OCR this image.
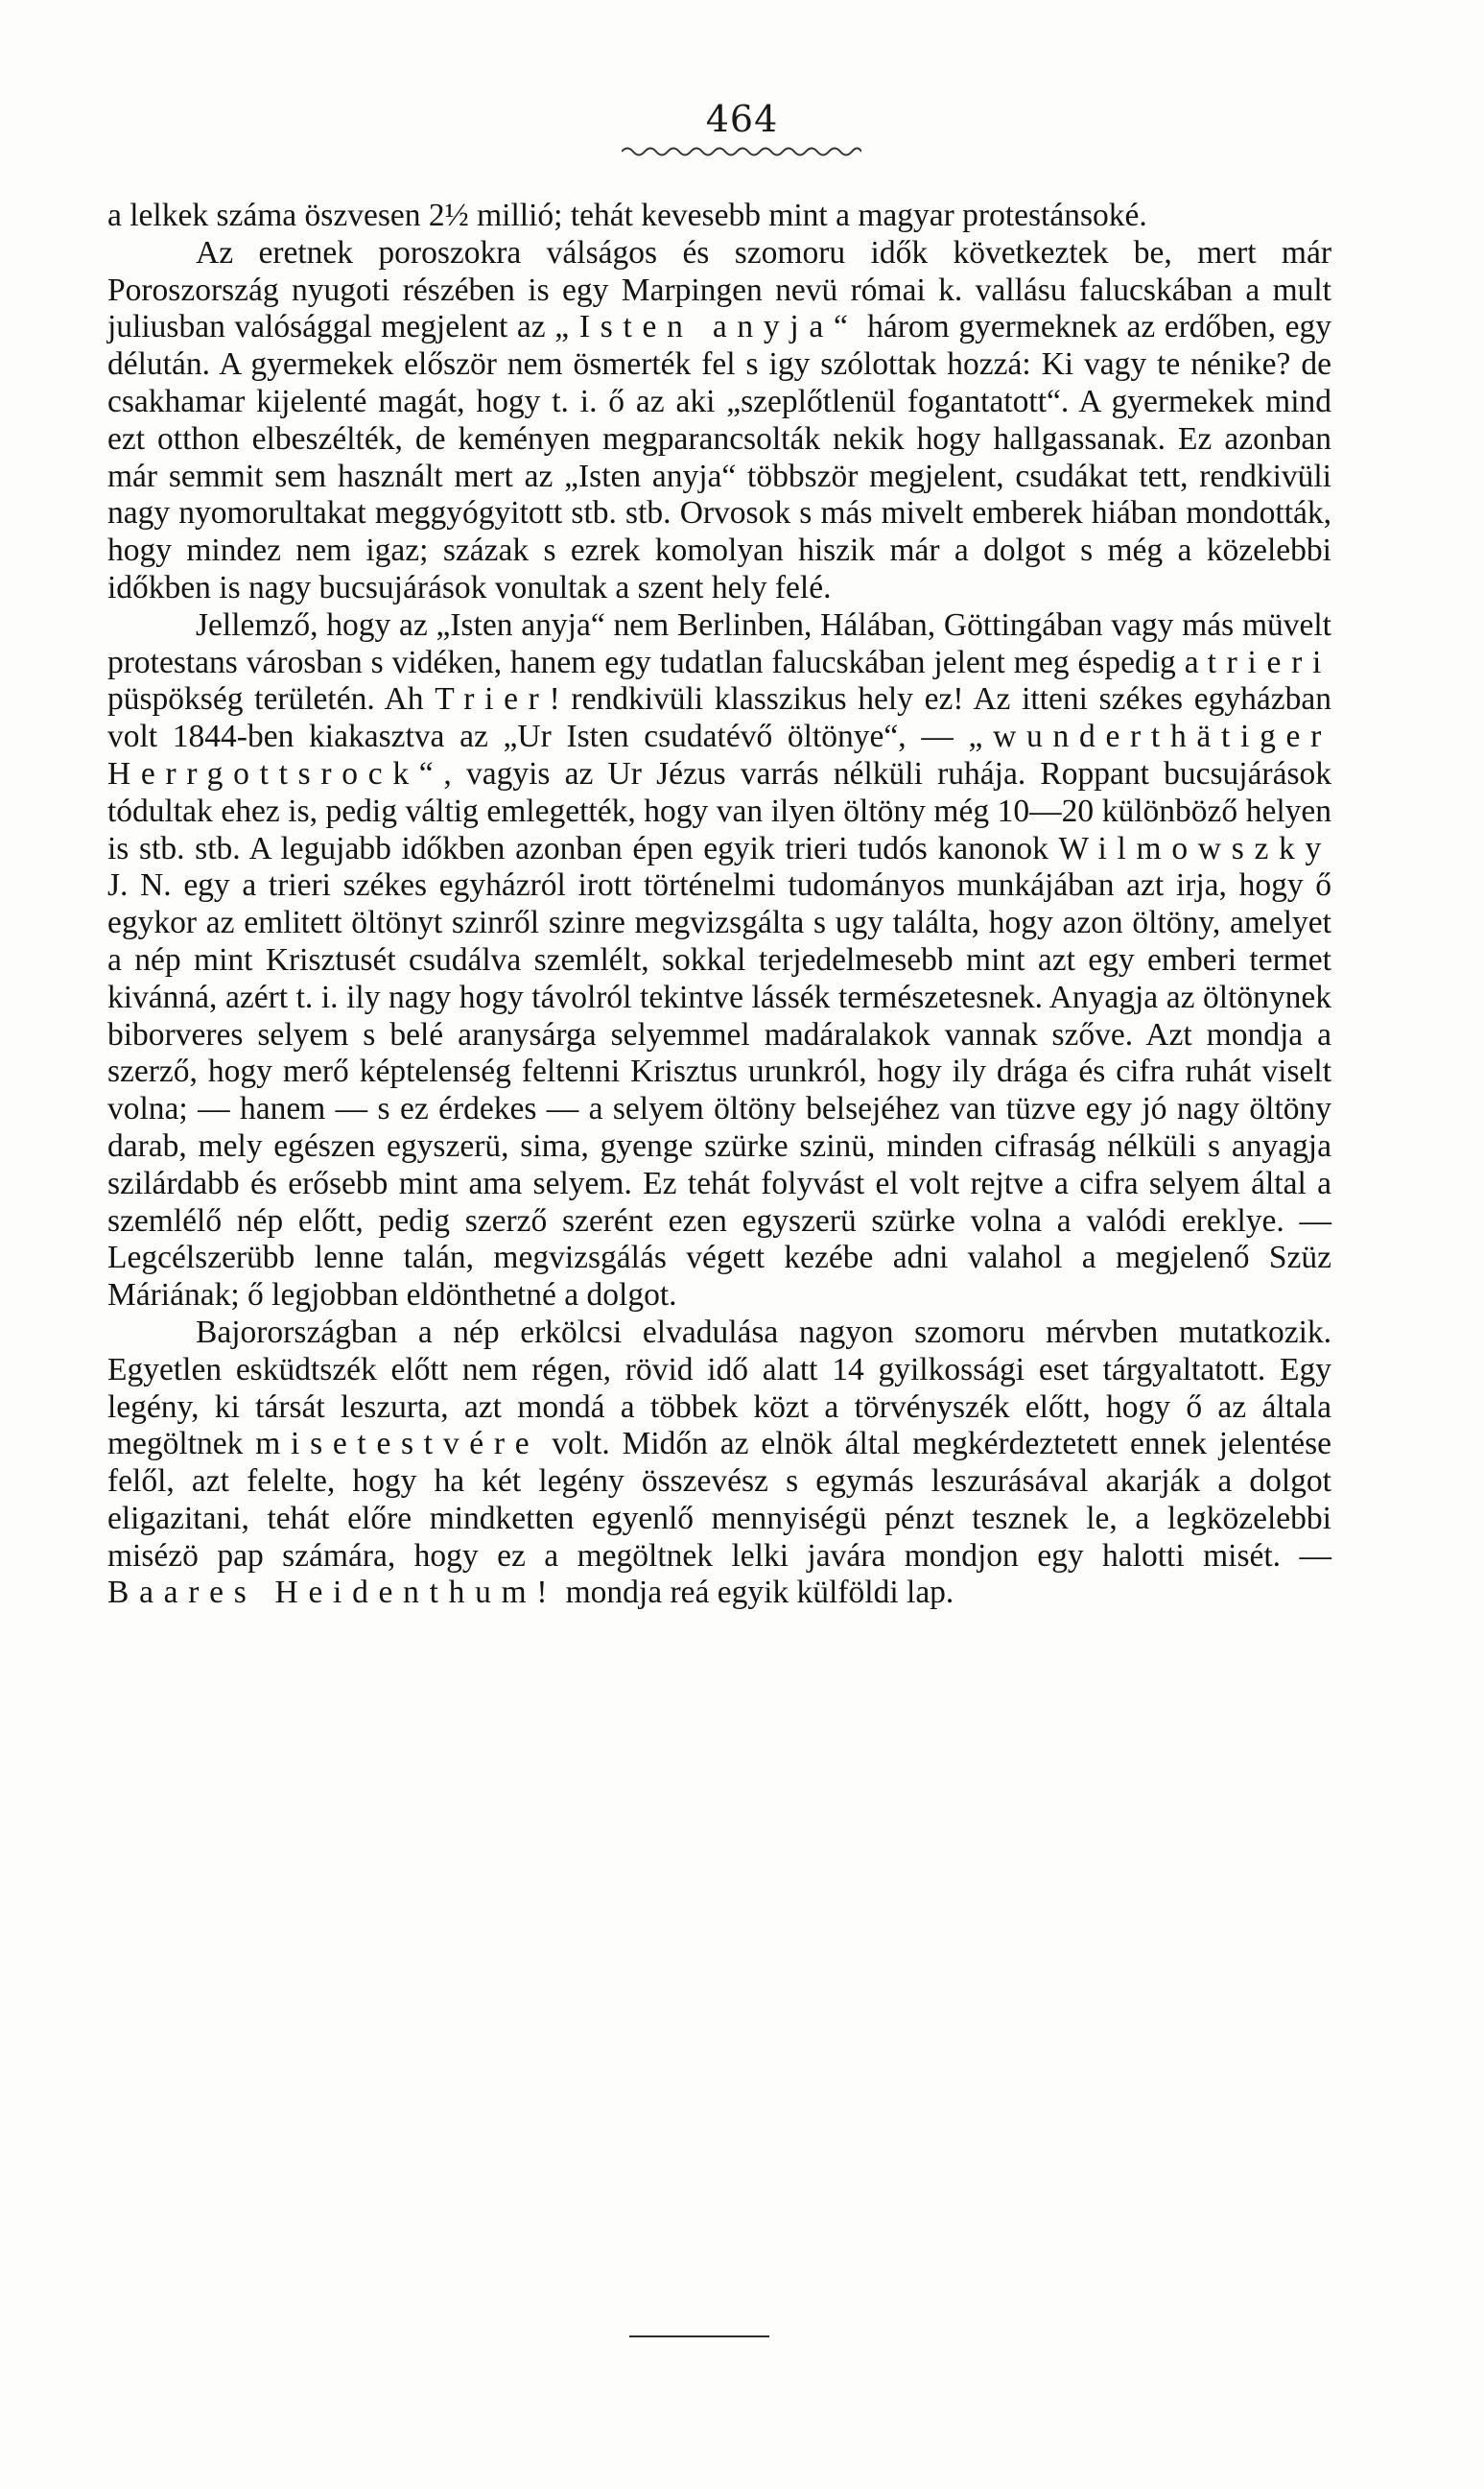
464

a lelkek száma öszvesen 2½ millió; tehát kevesebb mint a magyar protestánsoké.

Az eretnek poroszokra válságos és szomoru idők következtek be, mert már Poroszország nyugoti részében is egy Marpingen nevü római k. vallásu falucskában a mult juliusban valósággal megjelent az „Isten anyja“ három gyermeknek az erdőben, egy délután. A gyermekek először nem ösmerték fel s igy szólottak hozzá: Ki vagy te nénike? de csakhamar kijelenté magát, hogy t. i. ő az aki „szeplőtlenül fogantatott“. A gyermekek mind ezt otthon elbeszélték, de keményen megparancsolták nekik hogy hallgassanak. Ez azonban már semmit sem használt mert az „Isten anyja“ többször megjelent, csudákat tett, rendkivüli nagy nyomorultakat meggyógyitott stb. stb. Orvosok s más mivelt emberek hiában mondották, hogy mindez nem igaz; százak s ezrek komolyan hiszik már a dolgot s még a közelebbi időkben is nagy bucsujárások vonultak a szent hely felé.

Jellemző, hogy az „Isten anyja“ nem Berlinben, Hálában, Göttingában vagy más müvelt protestans városban s vidéken, hanem egy tudatlan falucskában jelent meg éspedig a trieri püspökség területén. Ah Trier! rendkivüli klasszikus hely ez! Az itteni székes egyházban volt 1844-ben kiakasztva az „Ur Isten csudatévő öltönye“, — „wunderthätiger Herrgottsrock“, vagyis az Ur Jézus varrás nélküli ruhája. Roppant bucsujárások tódultak ehez is, pedig váltig emlegették, hogy van ilyen öltöny még 10—20 különböző helyen is stb. stb. A legujabb időkben azonban épen egyik trieri tudós kanonok Wilmowszky J. N. egy a trieri székes egyházról irott történelmi tudományos munkájában azt irja, hogy ő egykor az emlitett öltönyt szinről szinre megvizsgálta s ugy találta, hogy azon öltöny, amelyet a nép mint Krisztusét csudálva szemlélt, sokkal terjedelmesebb mint azt egy emberi termet kivánná, azért t. i. ily nagy hogy távolról tekintve lássék természetesnek. Anyagja az öltönynek biborveres selyem s belé aranysárga selyemmel madáralakok vannak szőve. Azt mondja a szerző, hogy merő képtelenség feltenni Krisztus urunkról, hogy ily drága és cifra ruhát viselt volna; — hanem — s ez érdekes — a selyem öltöny belsejéhez van tüzve egy jó nagy öltöny darab, mely egészen egyszerü, sima, gyenge szürke szinü, minden cifraság nélküli s anyagja szilárdabb és erősebb mint ama selyem. Ez tehát folyvást el volt rejtve a cifra selyem által a szemlélő nép előtt, pedig szerző szerént ezen egyszerü szürke volna a valódi ereklye. — Legcélszerübb lenne talán, megvizsgálás végett kezébe adni valahol a megjelenő Szüz Máriának; ő legjobban eldönthetné a dolgot.

Bajorországban a nép erkölcsi elvadulása nagyon szomoru mérvben mutatkozik. Egyetlen esküdtszék előtt nem régen, rövid idő alatt 14 gyilkossági eset tárgyaltatott. Egy legény, ki társát leszurta, azt mondá a többek közt a törvényszék előtt, hogy ő az általa megöltnek misetestvére volt. Midőn az elnök által megkérdeztetett ennek jelentése felől, azt felelte, hogy ha két legény összevész s egymás leszurásával akarják a dolgot eligazitani, tehát előre mindketten egyenlő mennyiségü pénzt tesznek le, a legközelebbi misézö pap számára, hogy ez a megöltnek lelki javára mondjon egy halotti misét. — Baares Heidenthum! mondja reá egyik külföldi lap.
